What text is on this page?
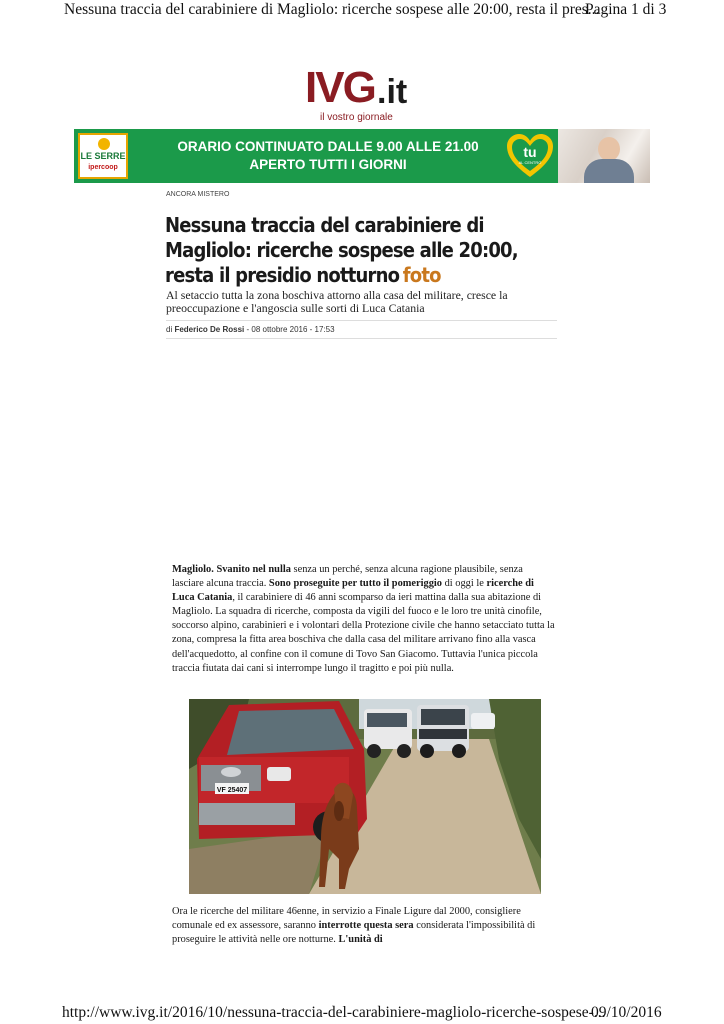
Nessuna traccia del carabiniere di Magliolo: ricerche sospese alle 20:00, resta il pres...
Pagina 1 di 3
IVG .it
il vostro giornale
LE SERRE
ipercoop
ORARIO CONTINUATO DALLE 9.00 ALLE 21.00
APERTO TUTTI I GIORNI
tu
AL CENTRO
ANCORA MISTERO
Nessuna traccia del carabiniere di Magliolo: ricerche sospese alle 20:00, resta il presidio notturno foto

Al setaccio tutta la zona boschiva attorno alla casa del militare, cresce la preoccupazione e l'angoscia sulle sorti di Luca Catania

di Federico De Rossi - 08 ottobre 2016 - 17:53

Magliolo. Svanito nel nulla senza un perché, senza alcuna ragione plausibile, senza lasciare alcuna traccia. Sono proseguite per tutto il pomeriggio di oggi le ricerche di Luca Catania, il carabiniere di 46 anni scomparso da ieri mattina dalla sua abitazione di Magliolo. La squadra di ricerche, composta da vigili del fuoco e le loro tre unità cinofile, soccorso alpino, carabinieri e i volontari della Protezione civile che hanno setacciato tutta la zona, compresa la fitta area boschiva che dalla casa del militare arrivano fino alla vasca dell'acquedotto, al confine con il comune di Tovo San Giacomo. Tuttavia l'unica piccola traccia fiutata dai cani si interrompe lungo il tragitto e poi più nulla.

VF 25407

Ora le ricerche del militare 46enne, in servizio a Finale Ligure dal 2000, consigliere comunale ed ex assessore, saranno interrotte questa sera considerata l'impossibilità di proseguire le attività nelle ore notturne. L'unità di

http://www.ivg.it/2016/10/nessuna-traccia-del-carabiniere-magliolo-ricerche-sospese-...
09/10/2016
